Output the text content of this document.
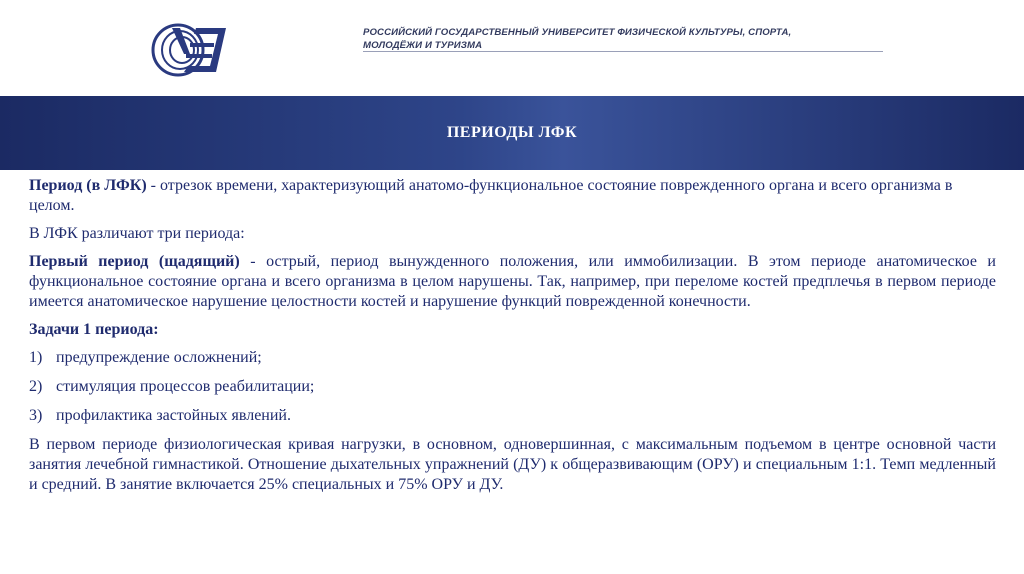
РОССИЙСКИЙ ГОСУДАРСТВЕННЫЙ УНИВЕРСИТЕТ ФИЗИЧЕСКОЙ КУЛЬТУРЫ, СПОРТА,
МОЛОДЁЖИ И ТУРИЗМА
ПЕРИОДЫ ЛФК

Период (в ЛФК) - отрезок времени, характеризующий анатомо-функциональное состояние поврежденного органа и всего организма в целом.

В ЛФК различают три периода:

Первый период (щадящий) - острый, период вынужденного положения, или иммобилизации. В этом периоде анатомическое и функциональное состояние органа и всего организма в целом нарушены. Так, например, при переломе костей предплечья в первом периоде имеется анатомическое нарушение целостности костей и нарушение функций поврежденной конечности.

Задачи 1 периода:

1) предупреждение осложнений;
2) стимуляция процессов реабилитации;
3) профилактика застойных явлений.

В первом периоде физиологическая кривая нагрузки, в основном, одновершинная, с максимальным подъемом в центре основной части занятия лечебной гимнастикой. Отношение дыхательных упражнений (ДУ) к общеразвивающим (ОРУ) и специальным 1:1. Темп медленный и средний. В занятие включается 25% специальных и 75% ОРУ и ДУ.
